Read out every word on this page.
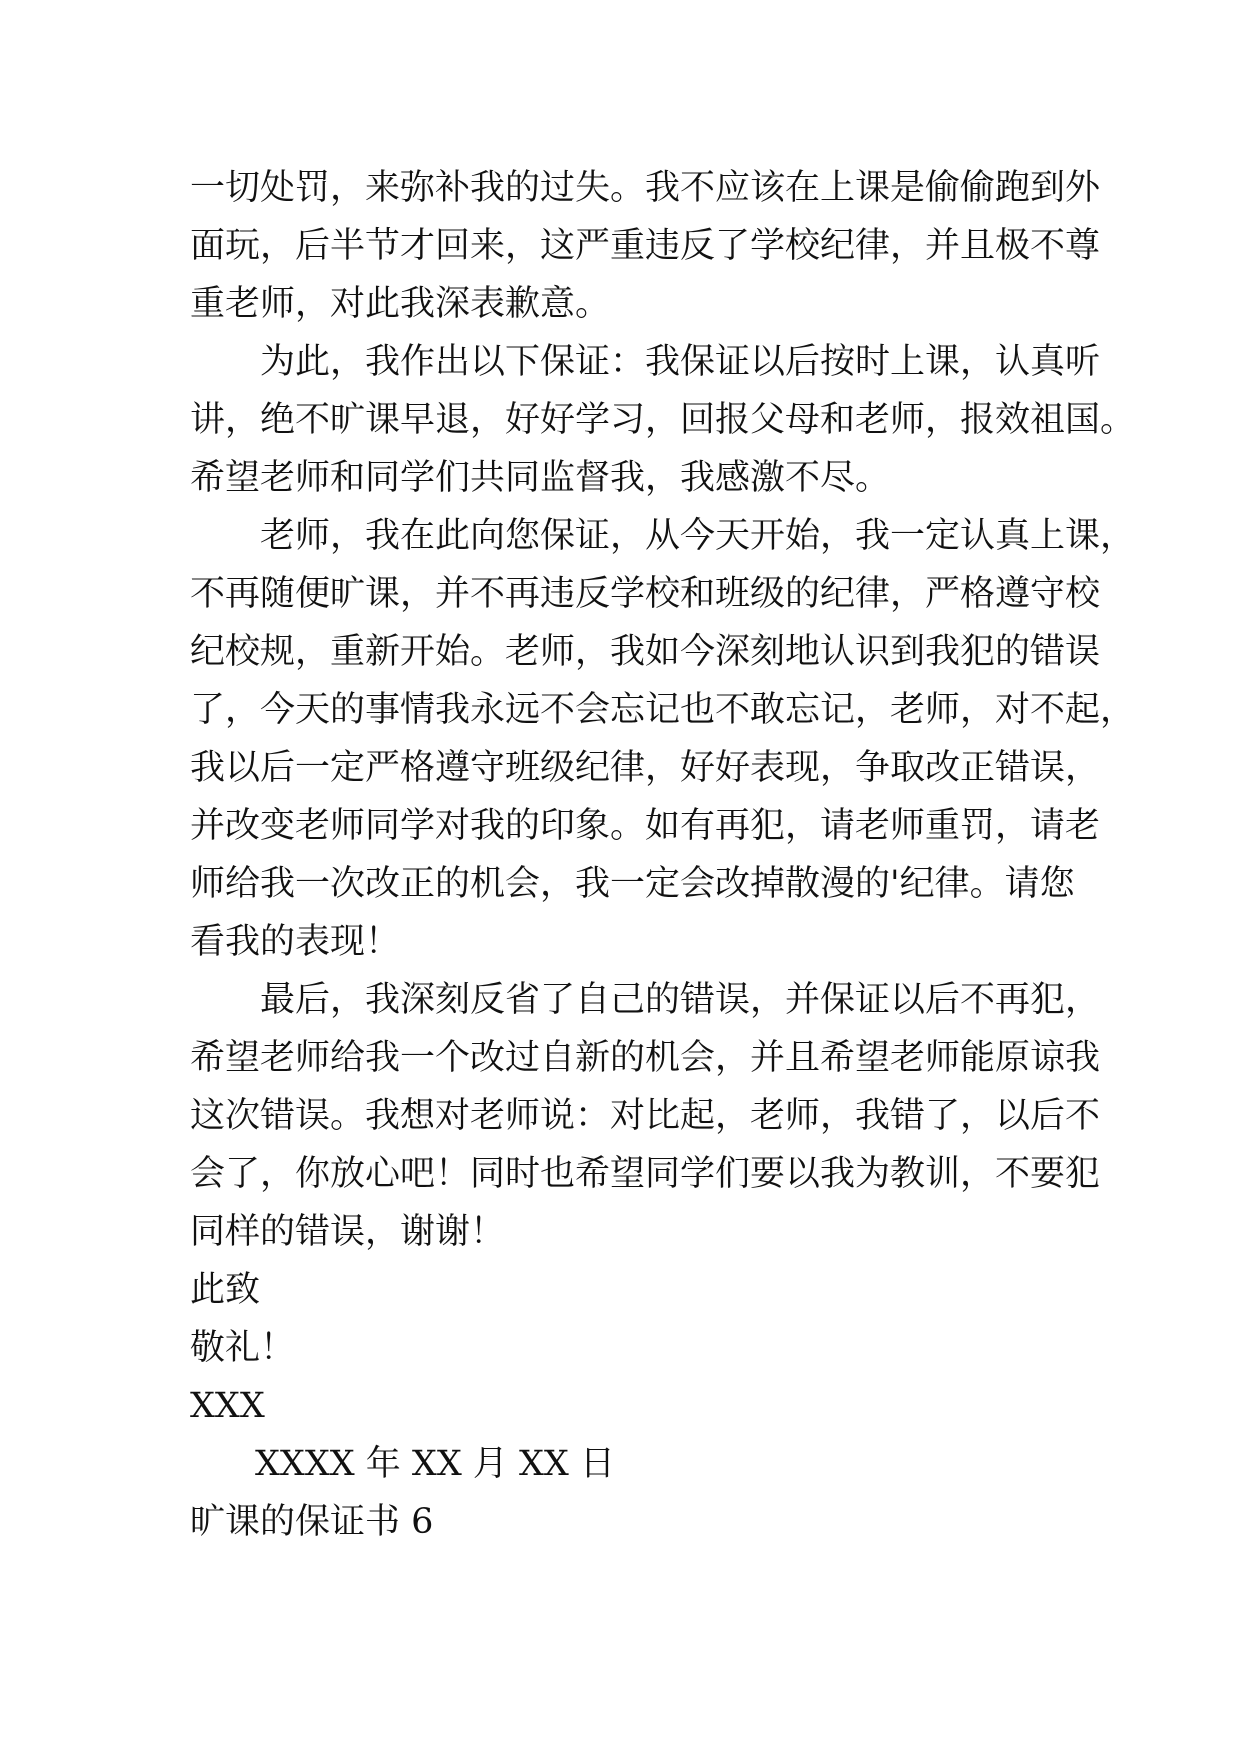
一切处罚，来弥补我的过失。我不应该在上课是偷偷跑到外
面玩，后半节才回来，这严重违反了学校纪律，并且极不尊
重老师，对此我深表歉意。
为此，我作出以下保证：我保证以后按时上课，认真听
讲，绝不旷课早退，好好学习，回报父母和老师，报效祖国。
希望老师和同学们共同监督我，我感激不尽。
老师，我在此向您保证，从今天开始，我一定认真上课，
不再随便旷课，并不再违反学校和班级的纪律，严格遵守校
纪校规，重新开始。老师，我如今深刻地认识到我犯的错误
了，今天的事情我永远不会忘记也不敢忘记，老师，对不起，
我以后一定严格遵守班级纪律，好好表现，争取改正错误，
并改变老师同学对我的印象。如有再犯，请老师重罚，请老
师给我一次改正的机会，我一定会改掉散漫的'纪律。请您
看我的表现！
最后，我深刻反省了自己的错误，并保证以后不再犯，
希望老师给我一个改过自新的机会，并且希望老师能原谅我
这次错误。我想对老师说：对比起，老师，我错了，以后不
会了，你放心吧！同时也希望同学们要以我为教训，不要犯
同样的错误，谢谢！
此致
敬礼！
XXX
XXXX 年 XX 月 XX 日
旷课的保证书 6
